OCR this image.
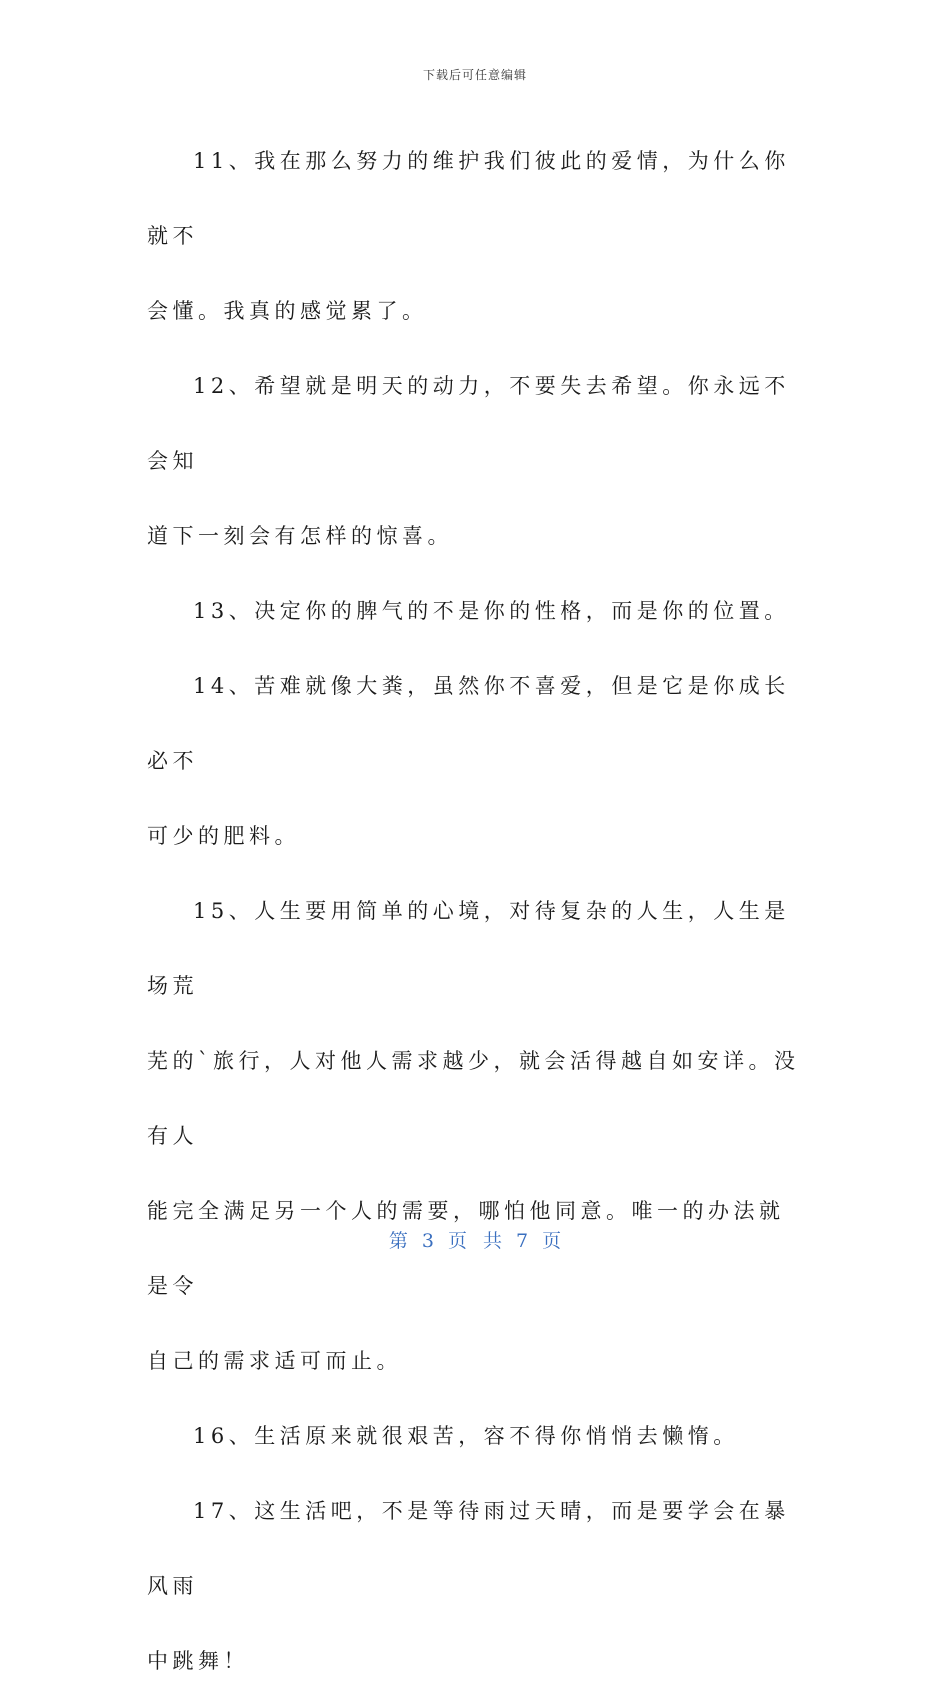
下载后可任意编辑

11、我在那么努力的维护我们彼此的爱情，为什么你就不
会懂。我真的感觉累了。

12、希望就是明天的动力，不要失去希望。你永远不会知
道下一刻会有怎样的惊喜。

13、决定你的脾气的不是你的性格，而是你的位置。

14、苦难就像大粪，虽然你不喜爱，但是它是你成长必不
可少的肥料。

15、人生要用简单的心境，对待复杂的人生，人生是场荒
芜的`旅行，人对他人需求越少，就会活得越自如安详。没有人
能完全满足另一个人的需要，哪怕他同意。唯一的办法就是令
自己的需求适可而止。

16、生活原来就很艰苦，容不得你悄悄去懒惰。

17、这生活吧，不是等待雨过天晴，而是要学会在暴风雨
中跳舞！

第 3 页 共 7 页
